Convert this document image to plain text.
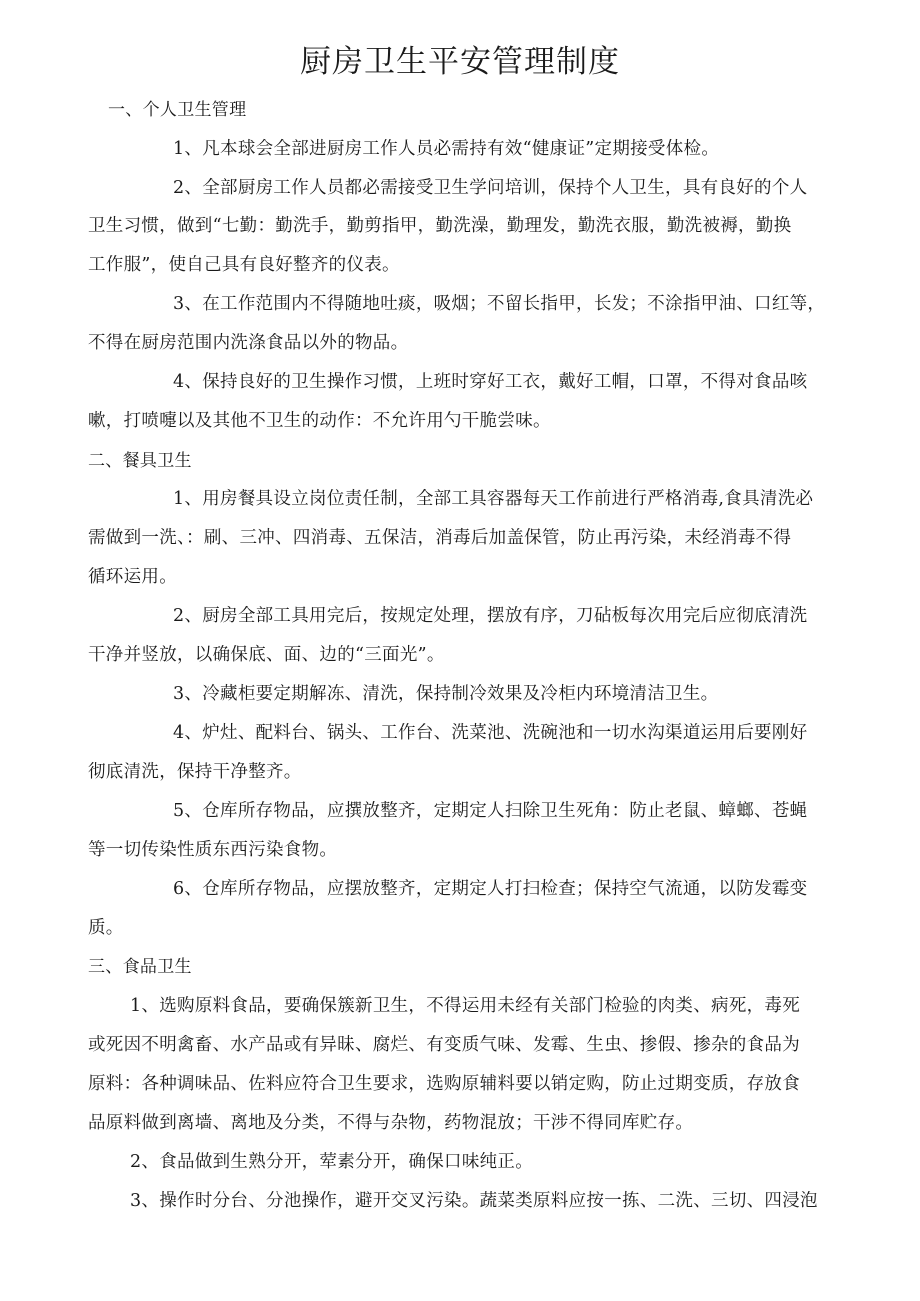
厨房卫生平安管理制度
一、个人卫生管理
1、凡本球会全部进厨房工作人员必需持有效“健康证”定期接受体检。
2、全部厨房工作人员都必需接受卫生学问培训，保持个人卫生，具有良好的个人
卫生习惯，做到“七勤：勤洗手，勤剪指甲，勤洗澡，勤理发，勤洗衣服，勤洗被褥，勤换
工作服”，使自己具有良好整齐的仪表。
3、在工作范围内不得随地吐痰，吸烟；不留长指甲，长发；不涂指甲油、口红等，
不得在厨房范围内洗涤食品以外的物品。
4、保持良好的卫生操作习惯，上班时穿好工衣，戴好工帽，口罩，不得对食品咳
嗽，打喷嚏以及其他不卫生的动作：不允许用勺干脆尝味。
二、餐具卫生
1、用房餐具设立岗位责任制，全部工具容器每天工作前进行严格消毒,食具清洗必
需做到一洗、：刷、三冲、四消毒、五保洁，消毒后加盖保管，防止再污染，未经消毒不得
循环运用。
2、厨房全部工具用完后，按规定处理，摆放有序，刀砧板每次用完后应彻底清洗
干净并竖放，以确保底、面、边的“三面光”。
3、冷藏柜要定期解冻、清洗，保持制冷效果及冷柜内环境清洁卫生。
4、炉灶、配料台、锅头、工作台、洗菜池、洗碗池和一切水沟渠道运用后要刚好
彻底清洗，保持干净整齐。
5、仓库所存物品，应撰放整齐，定期定人扫除卫生死角：防止老鼠、蟑螂、苍蝇
等一切传染性质东西污染食物。
6、仓库所存物品，应摆放整齐，定期定人打扫检查；保持空气流通，以防发霉变
质。
三、食品卫生
1、选购原料食品，要确保簇新卫生，不得运用未经有关部门检验的肉类、病死，毒死
或死因不明禽畜、水产品或有异昧、腐烂、有变质气味、发霉、生虫、掺假、掺杂的食品为
原料：各种调味品、佐料应符合卫生要求，选购原辅料要以销定购，防止过期变质，存放食
品原料做到离墙、离地及分类，不得与杂物，药物混放；干涉不得同库贮存。
2、食品做到生熟分开，荤素分开，确保口味纯正。
3、操作时分台、分池操作，避开交叉污染。蔬菜类原料应按一拣、二洗、三切、四浸泡
